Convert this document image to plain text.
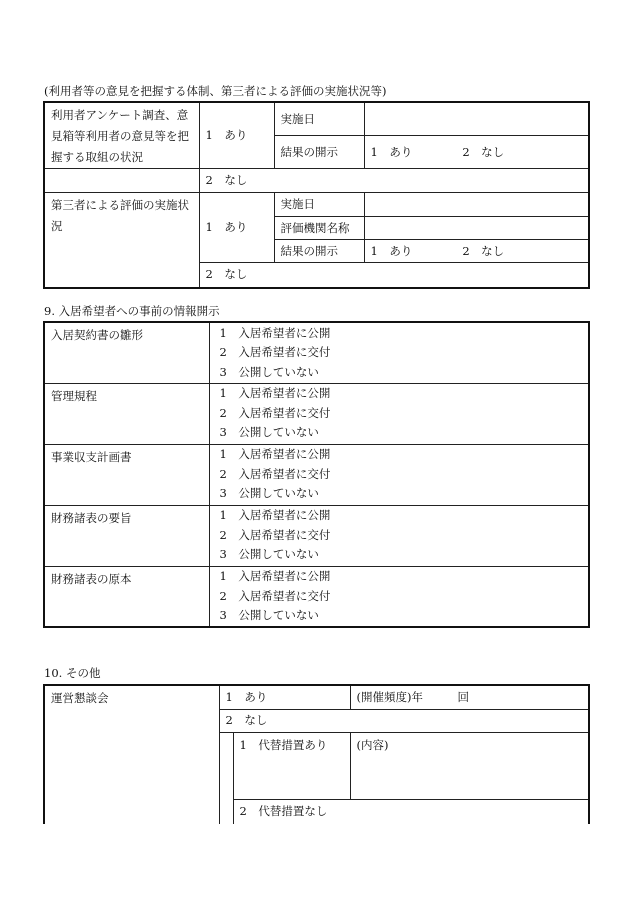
(利用者等の意見を把握する体制、第三者による評価の実施状況等)
利用者アンケート調査、意見箱等利用者の意見等を把握する取組の状況	1　あり	実施日	
		結果の開示	1　あり 2　なし
	2　なし		
第三者による評価の実施状況	1　あり	実施日	
		評価機関名称	
		結果の開示	1　あり 2　なし
	2　なし		
9. 入居希望者への事前の情報開示
入居契約書の雛形	1　入居希望者に公開
2　入居希望者に交付
3　公開していない

管理規程	1　入居希望者に公開
2　入居希望者に交付
3　公開していない

事業収支計画書	1　入居希望者に公開
2　入居希望者に交付
3　公開していない

財務諸表の要旨	1　入居希望者に公開
2　入居希望者に交付
3　公開していない

財務諸表の原本	1　入居希望者に公開
2　入居希望者に交付
3　公開していない
10. その他
運営懇談会	1　あり		(開催頻度)年　　　回
	2　なし		
		1　代替措置あり	(内容)
		2　代替措置なし	
